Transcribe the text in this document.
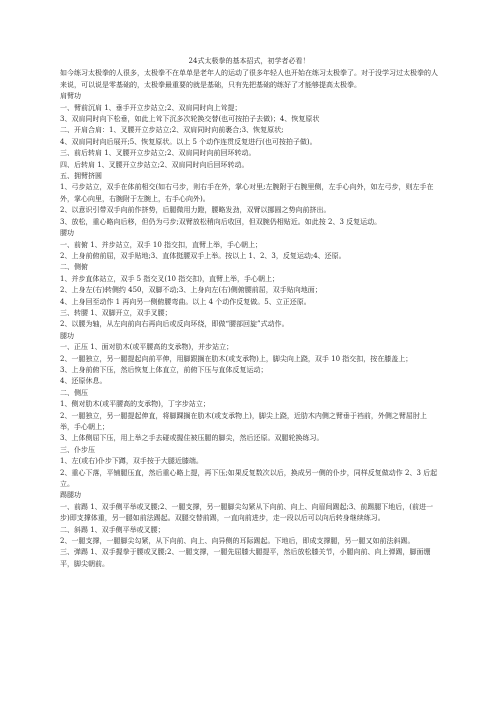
24式太极拳的基本招式，初学者必看！

如今练习太极拳的人很多，太极拳不在单单是老年人的运动了很多年轻人也开始在练习太极拳了。对于没学习过太极拳的人来说，可以说是零基础的，太极拳最重要的就是基础，只有先把基础的练好了才能够提高太极拳。

肩臂功

一、臂前沉肩 1、垂手开立步站立;2、双肩同时向上耸提；

3、双肩同时向下松垂，如此上耸下沉多次轮换交替(也可按拍子去做)；4、恢复原状

二、开肩合肩：1、叉腰开立步站立;2、双肩同时向前裹合;3、恢复原状;

4、双肩同时向后展开;5、恢复原状。以上 5 个动作连贯反复进行(也可按拍子做)。

三、前后转肩 1、叉腰开立步站立;2、双肩同时向前回环转动。

四、后转肩 1、叉腰开立步站立;2、双肩同时向后回环转动。

五、拥臂挤圆

1、弓步站立，双手在体前相交(如右弓步，则右手在外，掌心对里;左腕附于右腕里侧，左手心向外，如左弓步，则左手在外，掌心向里，右腕附于左腕上，右手心向外)。

2、以意识引带双手向前作挤势，后腿微用力蹬，腰略发劲，双臂以挪圆之势向前挤出。

3、放松，重心略向后移，但仍为弓步;双臂放松稍向后收回，但双腕仍相贴近。如此按 2、3 反复运动。

腰功

一、前俯 1、并步站立，双手 10 指交扣，直臂上举，手心朝上；

2、上身前俯前屈，双手贴地;3、直体挺腰双手上举。按以上 1、2、3，反复运动;4、还原。

二、侧俯

1、并步直体站立，双手 5 指交叉(10 指交扣)，直臂上举，手心朝上；

2、上身左(右)转侧约 450，双脚不动;3、上身向左(右)侧俯腰前屈，双手贴向地面；

4、上身回至动作 1 再向另一侧俯腰弯曲。以上 4 个动作反复做。5、立正还原。

三、转腰 1、双脚开立，双手叉腰；

2、以腰为轴，从左向前向右再向后或反向环绕，即做“腰部回旋”式动作。

腿功

一、正压 1、面对肋木(或平腰高的支承物)，并步站立；

2、一腿独立，另一腿提起向前平伸，用脚跟搁在肋木(或支承物)上，脚尖向上跷，双手 10 指交扣，按在膝盖上；

3、上身前俯下压，然后恢复上体直立，前俯下压与直体反复运动；

4、还原休息。

二、侧压

1、侧对肋木(或平腰高的支承物)，丁字步站立；

2、一腿独立，另一腿提起伸直，将脚踝搁在肋木(或支承物上)，脚尖上跷，近肋木内侧之臂垂于裆前，外侧之臂屈肘上举，手心朝上；

3、上体侧屈下压，用上举之手去碰或握住被压腿的脚尖，然后还原。双腿轮换练习。

三、仆步压

1、左(或右)仆步下蹲，双手按于大腿近膝端。

2、重心下落，平铺腿压直，然后重心略上提，再下压;如果反复数次以后，换成另一侧的仆步，同样反复做动作 2、3 后起立。

踢腿功

一、前踢 1、双手侧平举或叉腰;2、一腿支撑，另一腿脚尖勾紧从下向前、向上、向眉间踢起;3、前踢腿下地后，(前进一步)即支撑体重，另一腿如前法踢起。双腿交替前踢，一直向前进步，走一段以后可以向后转身继续练习。

二、斜踢 1、双手侧平举或叉腰；

2、一腿支撑，一腿脚尖勾紧，从下向前、向上、向异侧的耳际踢起。下地后，即成支撑腿，另一腿又如前法斜踢。

三、弹踢 1、双手握拳于腰或叉腰;2、一腿支撑，一腿先屈膝大腿提平，然后放松膝关节，小腿向前、向上弹踢，脚面绷平，脚尖朝前。
